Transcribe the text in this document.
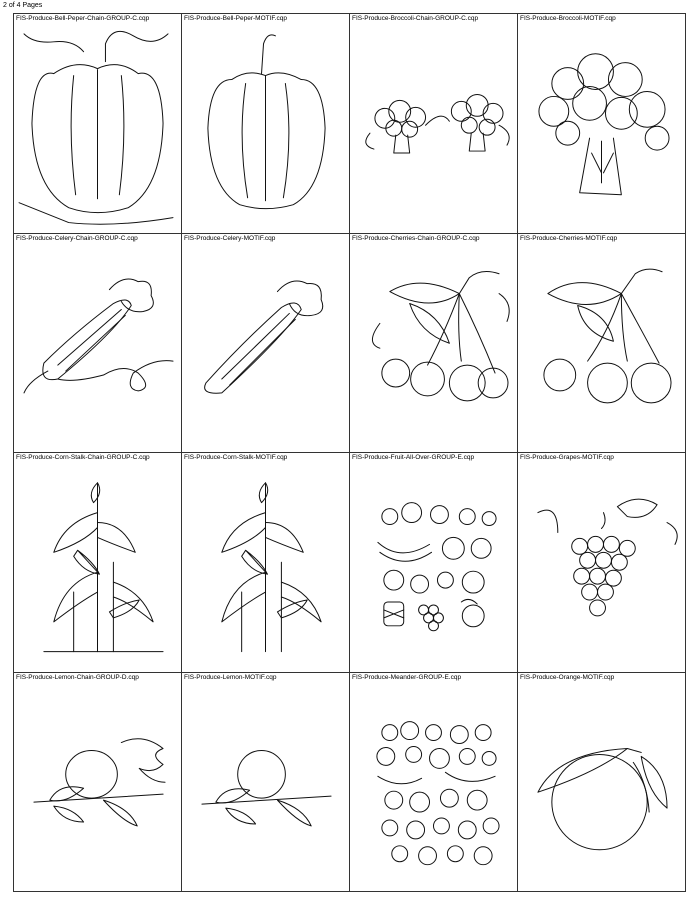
2 of 4 Pages
FIS-Produce-Bell-Peper-Chain-GROUP-C.cqp	FIS-Produce-Bell-Peper-MOTIF.cqp	FIS-Produce-Broccoli-Chain-GROUP-C.cqp	FIS-Produce-Broccoli-MOTIF.cqp
FIS-Produce-Celery-Chain-GROUP-C.cqp	FIS-Produce-Celery-MOTIF.cqp	FIS-Produce-Cherries-Chain-GROUP-C.cqp	FIS-Produce-Cherries-MOTIF.cqp
FIS-Produce-Corn-Stalk-Chain-GROUP-C.cqp	FIS-Produce-Corn-Stalk-MOTIF.cqp	FIS-Produce-Fruit-All-Over-GROUP-E.cqp	FIS-Produce-Grapes-MOTIF.cqp
FIS-Produce-Lemon-Chain-GROUP-D.cqp	FIS-Produce-Lemon-MOTIF.cqp	FIS-Produce-Meander-GROUP-E.cqp	FIS-Produce-Orange-MOTIF.cqp
